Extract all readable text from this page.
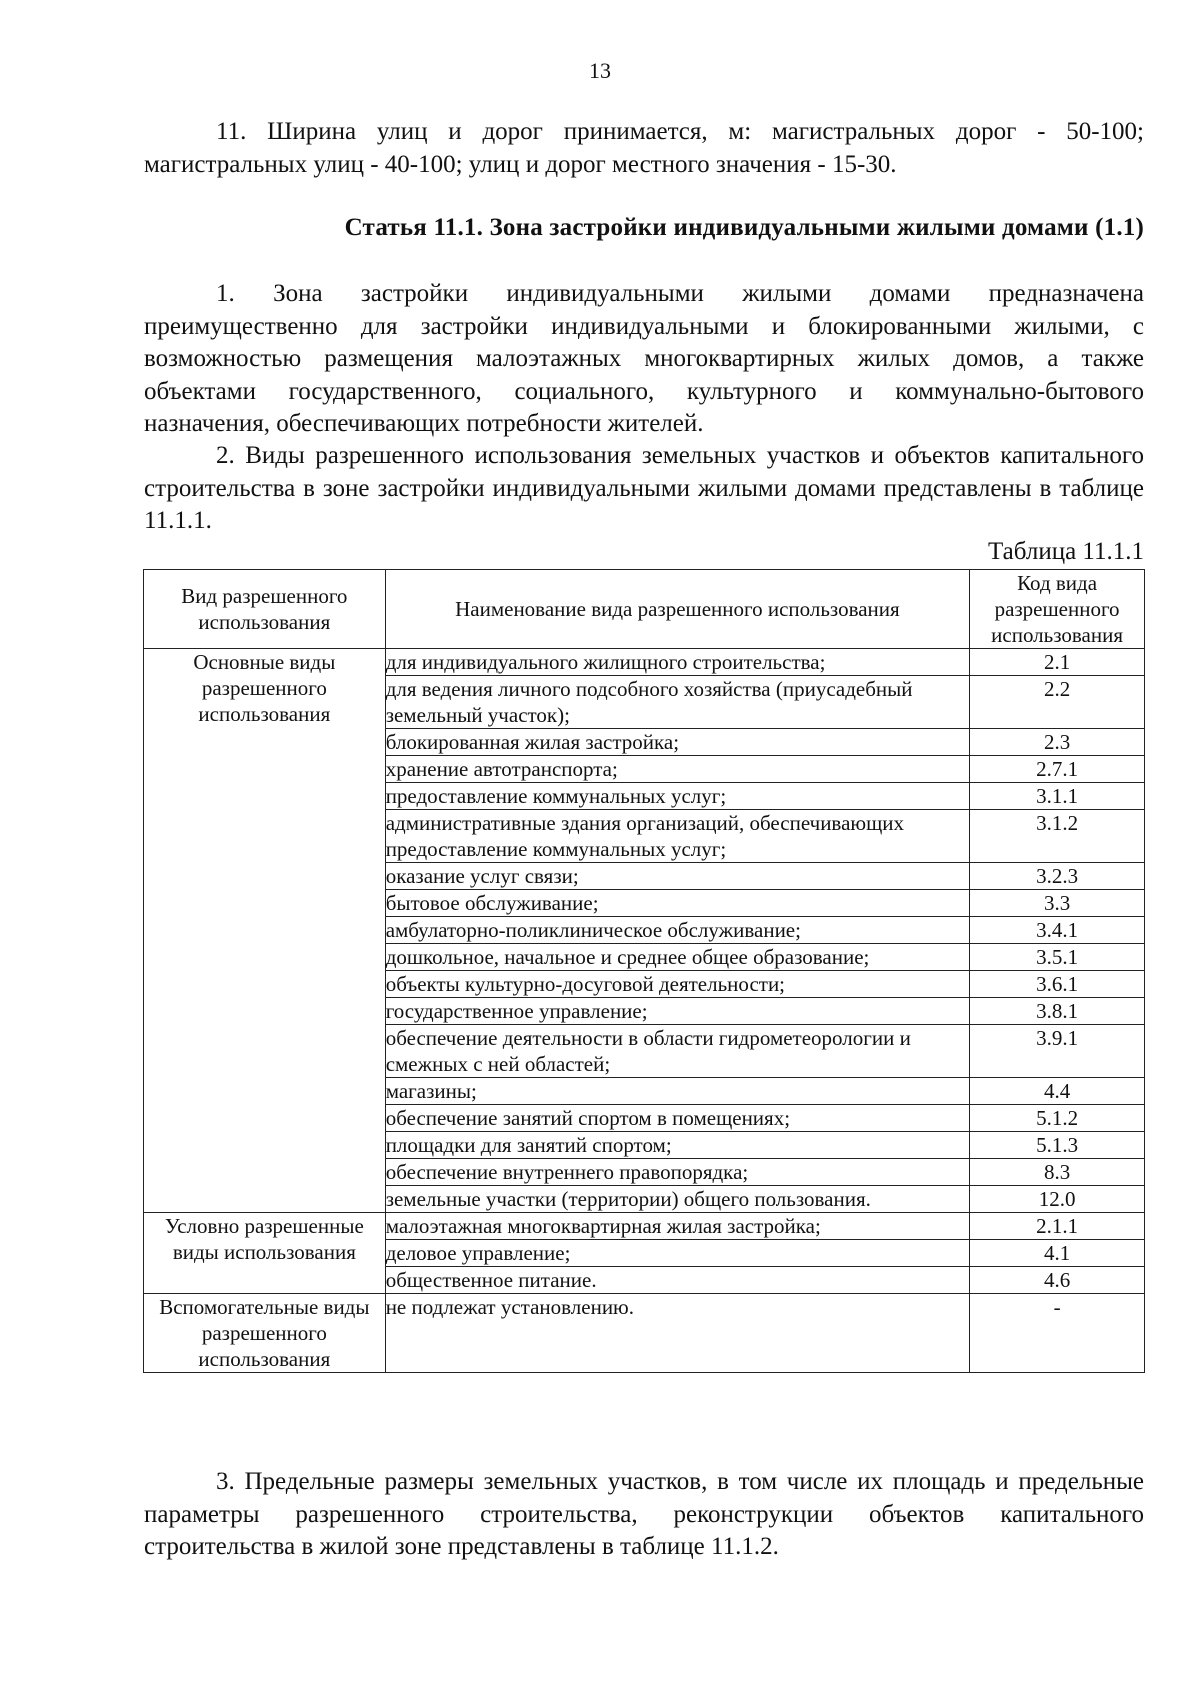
13

11. Ширина улиц и дорог принимается, м: магистральных дорог - 50-100; магистральных улиц - 40-100; улиц и дорог местного значения - 15-30.

Статья 11.1. Зона застройки индивидуальными жилыми домами (1.1)

1. Зона застройки индивидуальными жилыми домами предназначена преимущественно для застройки индивидуальными и блокированными жилыми, с возможностью размещения малоэтажных многоквартирных жилых домов, а также объектами государственного, социального, культурного и коммунально-бытового назначения, обеспечивающих потребности жителей.

2. Виды разрешенного использования земельных участков и объектов капитального строительства в зоне застройки индивидуальными жилыми домами представлены в таблице 11.1.1.

Таблица 11.1.1

Вид разрешенного использования	Наименование вида разрешенного использования	Код вида разрешенного использования
Основные виды разрешенного использования	для индивидуального жилищного строительства;	2.1
	для ведения личного подсобного хозяйства (приусадебный земельный участок);	2.2
	блокированная жилая застройка;	2.3
	хранение автотранспорта;	2.7.1
	предоставление коммунальных услуг;	3.1.1
	административные здания организаций, обеспечивающих предоставление коммунальных услуг;	3.1.2
	оказание услуг связи;	3.2.3
	бытовое обслуживание;	3.3
	амбулаторно-поликлиническое обслуживание;	3.4.1
	дошкольное, начальное и среднее общее образование;	3.5.1
	объекты культурно-досуговой деятельности;	3.6.1
	государственное управление;	3.8.1
	обеспечение деятельности в области гидрометеорологии и смежных с ней областей;	3.9.1
	магазины;	4.4
	обеспечение занятий спортом в помещениях;	5.1.2
	площадки для занятий спортом;	5.1.3
	обеспечение внутреннего правопорядка;	8.3
	земельные участки (территории) общего пользования.	12.0
Условно разрешенные виды использования	малоэтажная многоквартирная жилая застройка;	2.1.1
	деловое управление;	4.1
	общественное питание.	4.6
Вспомогательные виды разрешенного использования	не подлежат установлению.	-

3. Предельные размеры земельных участков, в том числе их площадь и предельные параметры разрешенного строительства, реконструкции объектов капитального строительства в жилой зоне представлены в таблице 11.1.2.
